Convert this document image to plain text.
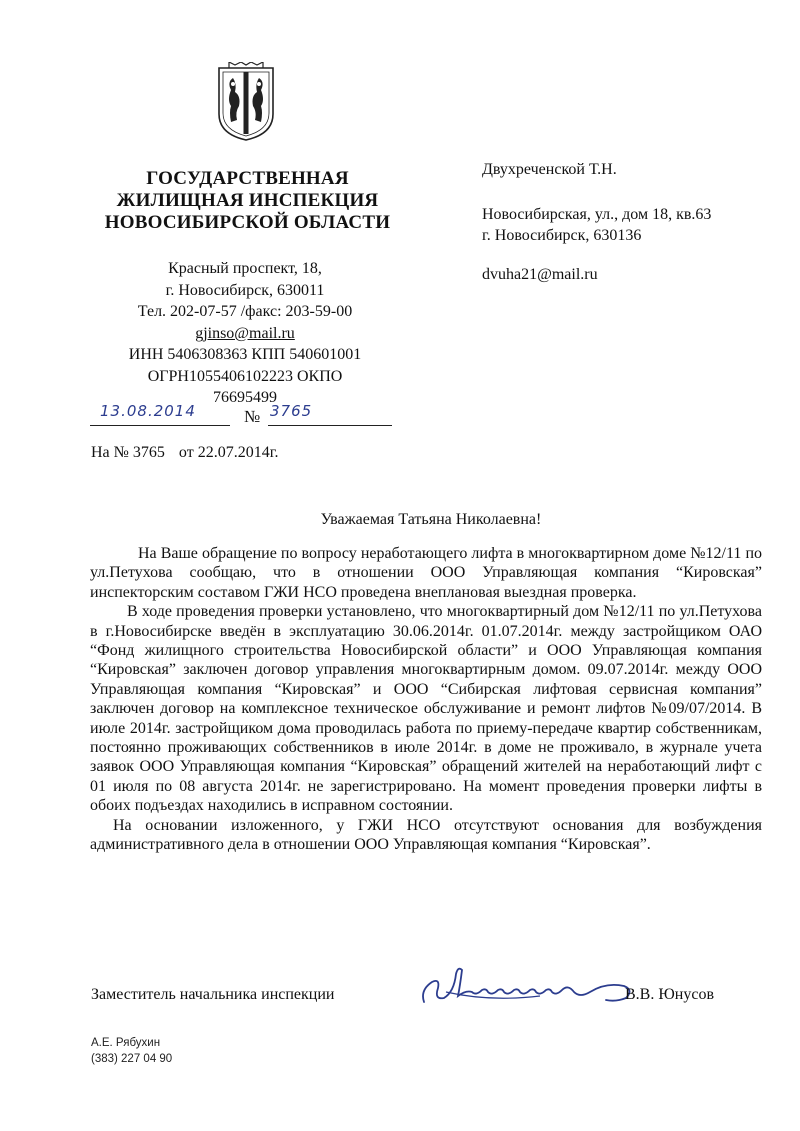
ГОСУДАРСТВЕННАЯ
ЖИЛИЩНАЯ ИНСПЕКЦИЯ
НОВОСИБИРСКОЙ ОБЛАСТИ
Красный проспект, 18,
г. Новосибирск, 630011
Тел. 202-07-57 /факс: 203-59-00
gjinso@mail.ru
ИНН 5406308363 КПП 540601001
ОГРН1055406102223 ОКПО
76695499
13.08.2014	№ 3765
На № 3765 от 22.07.2014г.
Двухреченской Т.Н.
Новосибирская, ул., дом 18, кв.63
г. Новосибирск, 630136
dvuha21@mail.ru
Уважаемая Татьяна Николаевна!

На Ваше обращение по вопросу неработающего лифта в многоквартирном доме №12/11 по ул.Петухова сообщаю, что в отношении ООО Управляющая компания “Кировская” инспекторским составом ГЖИ НСО проведена внеплановая выездная проверка.

В ходе проведения проверки установлено, что многоквартирный дом №12/11 по ул.Петухова в г.Новосибирске введён в эксплуатацию 30.06.2014г. 01.07.2014г. между застройщиком ОАО “Фонд жилищного строительства Новосибирской области” и ООО Управляющая компания “Кировская” заключен договор управления многоквартирным домом. 09.07.2014г. между ООО Управляющая компания “Кировская” и ООО “Сибирская лифтовая сервисная компания” заключен договор на комплексное техническое обслуживание и ремонт лифтов №09/07/2014. В июле 2014г. застройщиком дома проводилась работа по приему-передаче квартир собственникам, постоянно проживающих собственников в июле 2014г. в доме не проживало, в журнале учета заявок ООО Управляющая компания “Кировская” обращений жителей на неработающий лифт с 01 июля по 08 августа 2014г. не зарегистрировано. На момент проведения проверки лифты в обоих подъездах находились в исправном состоянии.

На основании изложенного, у ГЖИ НСО отсутствуют основания для возбуждения административного дела в отношении ООО Управляющая компания “Кировская”.

Заместитель начальника инспекции	В.В. Юнусов
А.Е. Рябухин
(383) 227 04 90
